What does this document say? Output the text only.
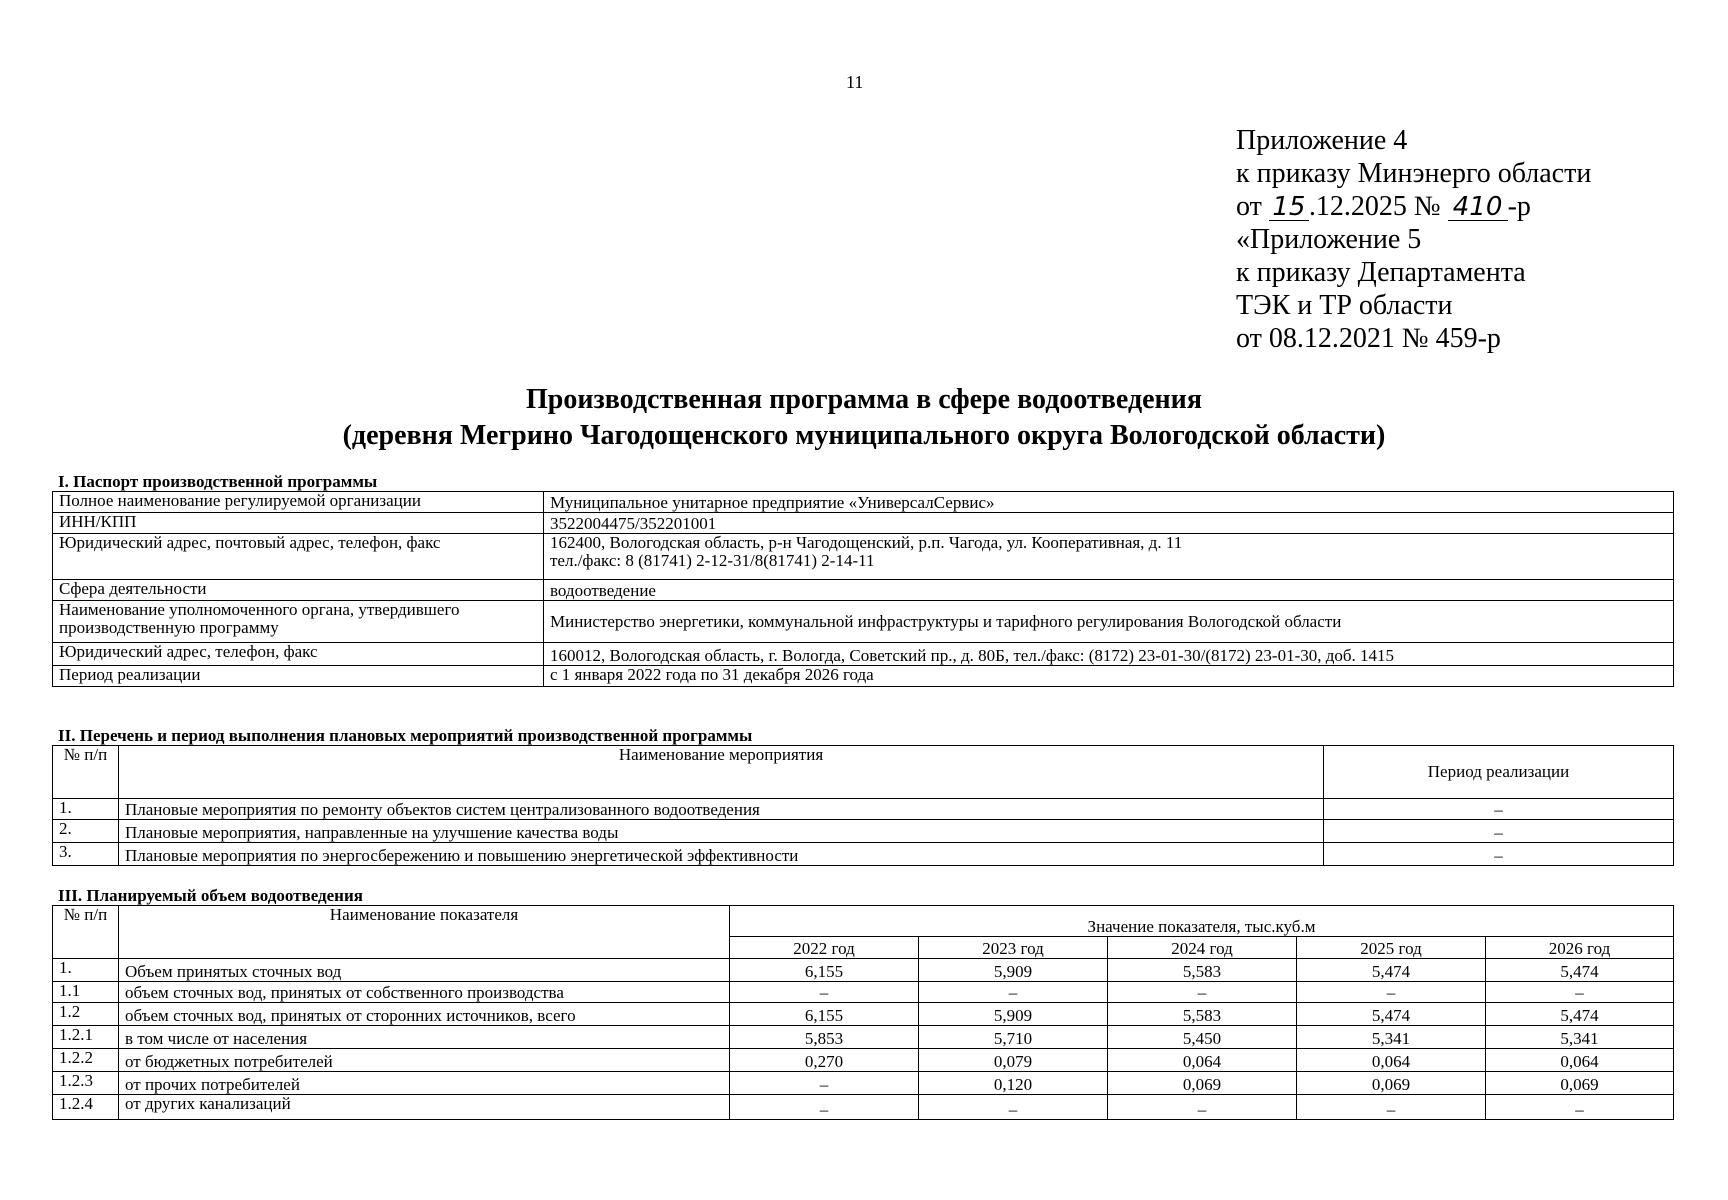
11
Приложение 4
к приказу Минэнерго области
от 15 .12.2025 № 410 -р
«Приложение 5
к приказу Департамента
ТЭК и ТР области
от 08.12.2021 № 459-р
Производственная программа в сфере водоотведения
(деревня Мегрино Чагодощенского муниципального округа Вологодской области)
I. Паспорт производственной программы
Полное наименование регулируемой организации	Муниципальное унитарное предприятие «УниверсалСервис»
ИНН/КПП	3522004475/352201001
Юридический адрес, почтовый адрес, телефон, факс	162400, Вологодская область, р-н Чагодощенский, р.п. Чагода, ул. Кооперативная, д. 11
тел./факс: 8 (81741) 2-12-31/8(81741) 2-14-11

Сфера деятельности	водоотведение
Наименование уполномоченного органа, утвердившего производственную программу	Министерство энергетики, коммунальной инфраструктуры и тарифного регулирования Вологодской области
Юридический адрес, телефон, факс	160012, Вологодская область, г. Вологда, Советский пр., д. 80Б, тел./факс: (8172) 23-01-30/(8172) 23-01-30, доб. 1415
Период реализации	с 1 января 2022 года по 31 декабря 2026 года
II. Перечень и период выполнения плановых мероприятий производственной программы
№ п/п	Наименование мероприятия	Период реализации
1.	Плановые мероприятия по ремонту объектов систем централизованного водоотведения	–
2.	Плановые мероприятия, направленные на улучшение качества воды	–
3.	Плановые мероприятия по энергосбережению и повышению энергетической эффективности	–
III. Планируемый объем водоотведения
№ п/п	Наименование показателя	Значение показателя, тыс.куб.м				
		2022 год	2023 год	2024 год	2025 год	2026 год
1.	Объем принятых сточных вод	6,155	5,909	5,583	5,474	5,474
1.1	объем сточных вод, принятых от собственного производства	–	–	–	–	–
1.2	объем сточных вод, принятых от сторонних источников, всего	6,155	5,909	5,583	5,474	5,474
1.2.1	в том числе от населения	5,853	5,710	5,450	5,341	5,341
1.2.2	от бюджетных потребителей	0,270	0,079	0,064	0,064	0,064
1.2.3	от прочих потребителей	–	0,120	0,069	0,069	0,069
1.2.4	от других канализаций	–	–	–	–	–
